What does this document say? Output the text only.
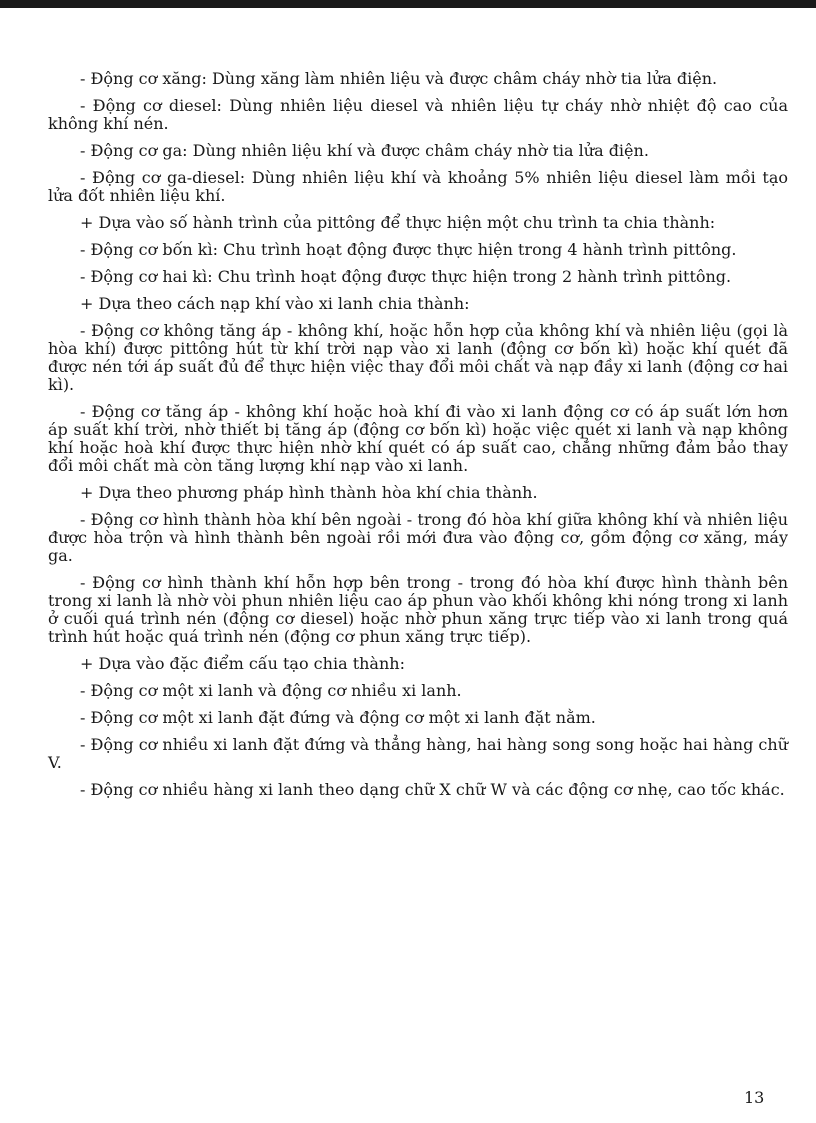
- Động cơ xăng: Dùng xăng làm nhiên liệu và được châm cháy nhờ tia lửa điện.

- Động cơ diesel: Dùng nhiên liệu diesel và nhiên liệu tự cháy nhờ nhiệt độ cao của không khí nén.

- Động cơ ga: Dùng nhiên liệu khí và được châm cháy nhờ tia lửa điện.

- Động cơ ga-diesel: Dùng nhiên liệu khí và khoảng 5% nhiên liệu diesel làm mồi tạo lửa đốt nhiên liệu khí.

+ Dựa vào số hành trình của pittông để thực hiện một chu trình ta chia thành:

- Động cơ bốn kì: Chu trình hoạt động được thực hiện trong 4 hành trình pittông.

- Động cơ hai kì: Chu trình hoạt động được thực hiện trong 2 hành trình pittông.

+ Dựa theo cách nạp khí vào xi lanh chia thành:

- Động cơ không tăng áp - không khí, hoặc hỗn hợp của không khí và nhiên liệu (gọi là hòa khí) được pittông hút từ khí trời nạp vào xi lanh (động cơ bốn kì) hoặc khí quét đã được nén tới áp suất đủ để thực hiện việc thay đổi môi chất và nạp đầy xi lanh (động cơ hai kì).

- Động cơ tăng áp - không khí hoặc hoà khí đi vào xi lanh động cơ có áp suất lớn hơn áp suất khí trời, nhờ thiết bị tăng áp (động cơ bốn kì) hoặc việc quét xi lanh và nạp không khí hoặc hoà khí được thực hiện nhờ khí quét có áp suất cao, chẳng những đảm bảo thay đổi môi chất mà còn tăng lượng khí nạp vào xi lanh.

+ Dựa theo phương pháp hình thành hòa khí chia thành.

- Động cơ hình thành hòa khí bên ngoài - trong đó hòa khí giữa không khí và nhiên liệu được hòa trộn và hình thành bên ngoài rồi mới đưa vào động cơ, gồm động cơ xăng, máy ga.

- Động cơ hình thành khí hỗn hợp bên trong - trong đó hòa khí được hình thành bên trong xi lanh là nhờ vòi phun nhiên liệu cao áp phun vào khối không khi nóng trong xi lanh ở cuối quá trình nén (động cơ diesel) hoặc nhờ phun xăng trực tiếp vào xi lanh trong quá trình hút hoặc quá trình nén (động cơ phun xăng trực tiếp).

+ Dựa vào đặc điểm cấu tạo chia thành:

- Động cơ một xi lanh và động cơ nhiều xi lanh.

- Động cơ một xi lanh đặt đứng và động cơ một xi lanh đặt nằm.

- Động cơ nhiều xi lanh đặt đứng và thẳng hàng, hai hàng song song hoặc hai hàng chữ V.

- Động cơ nhiều hàng xi lanh theo dạng chữ X chữ W và các động cơ nhẹ, cao tốc khác.

13
